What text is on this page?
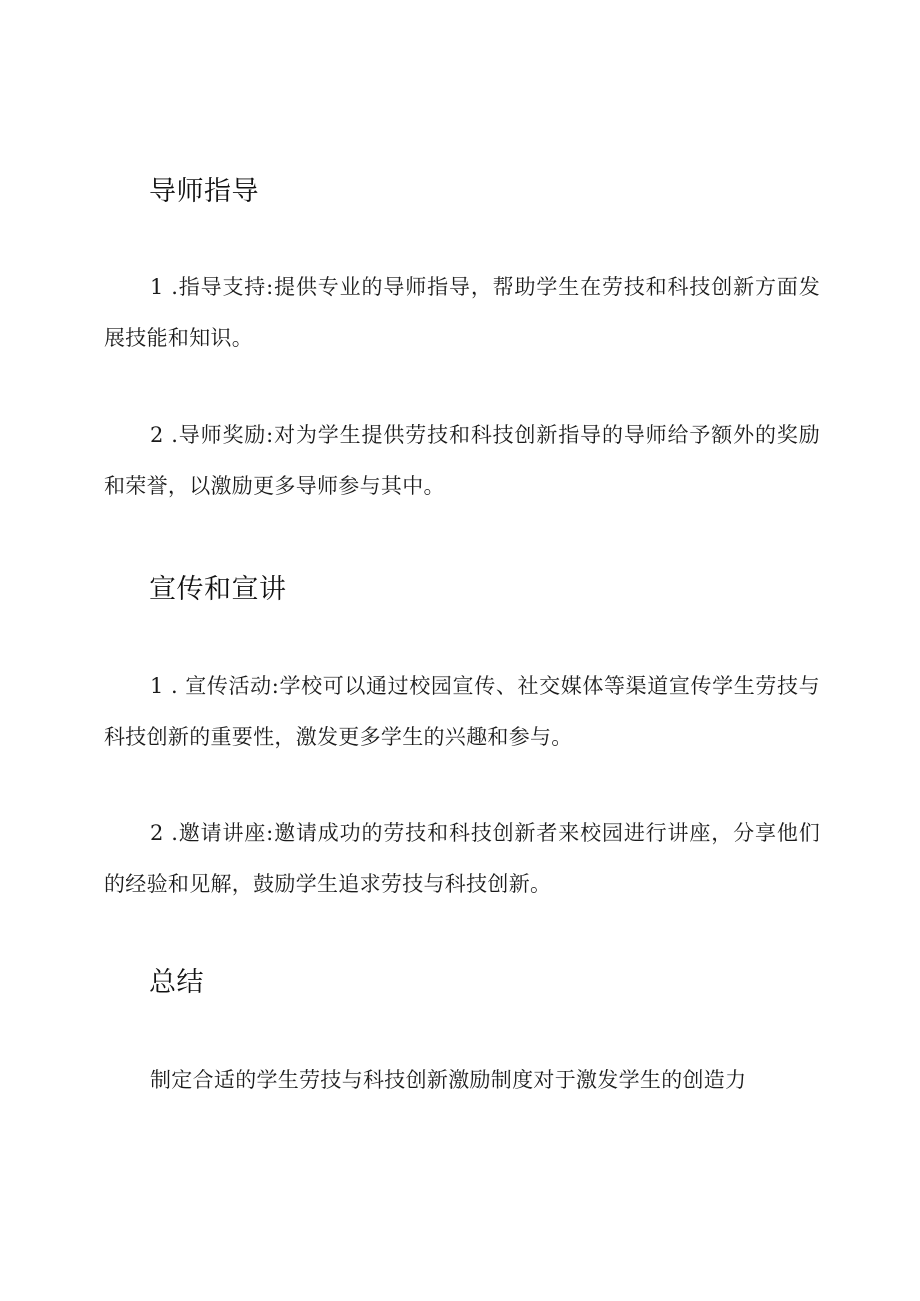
导师指导

1 .指导支持:提供专业的导师指导，帮助学生在劳技和科技创新方面发展技能和知识。

2 .导师奖励:对为学生提供劳技和科技创新指导的导师给予额外的奖励和荣誉，以激励更多导师参与其中。

宣传和宣讲

1 . 宣传活动:学校可以通过校园宣传、社交媒体等渠道宣传学生劳技与科技创新的重要性，激发更多学生的兴趣和参与。

2 .邀请讲座:邀请成功的劳技和科技创新者来校园进行讲座，分享他们的经验和见解，鼓励学生追求劳技与科技创新。

总结

制定合适的学生劳技与科技创新激励制度对于激发学生的创造力
